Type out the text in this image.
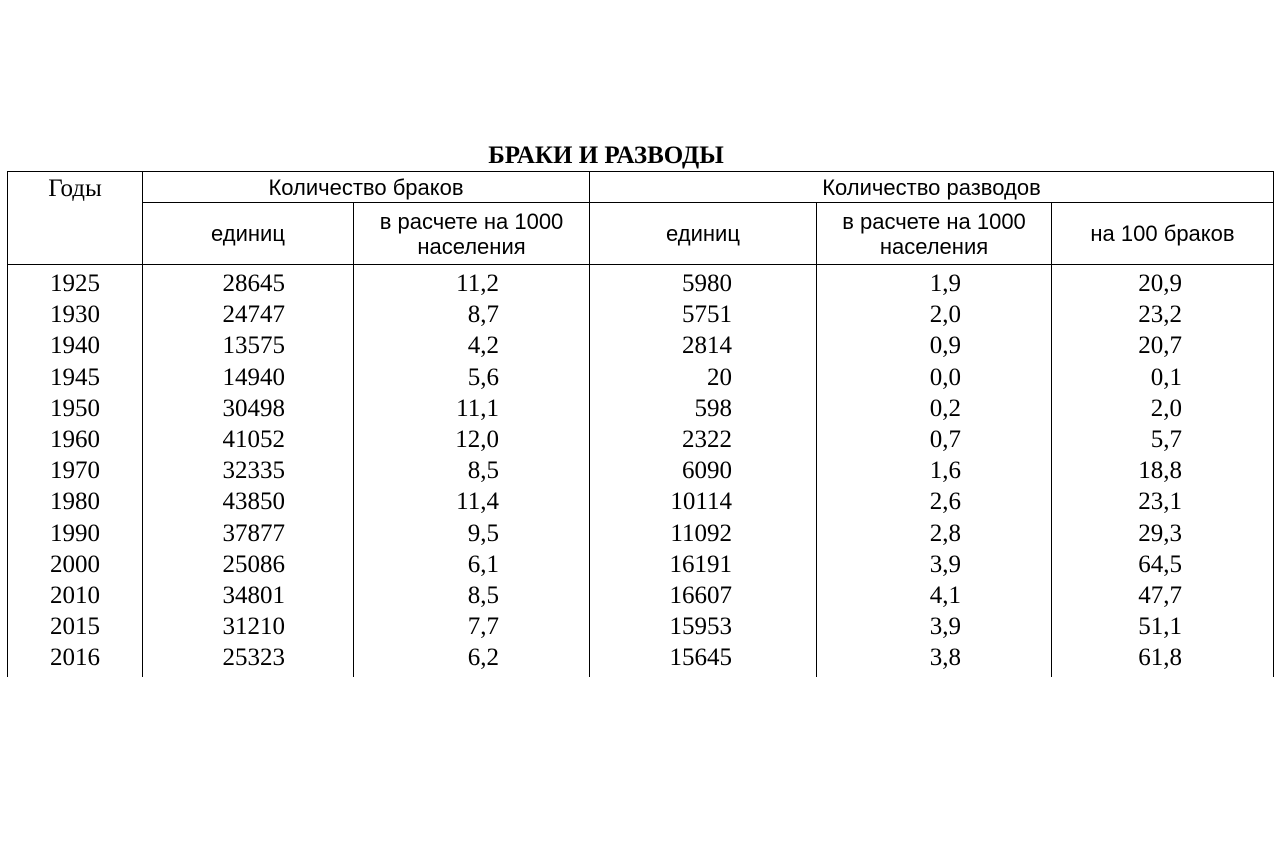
БРАКИ И РАЗВОДЫ
Годы	Количество браков		Количество разводов		
	единиц	в расчете на 1000 населения	единиц	в расчете на 1000 населения	на 100 браков
1925	28645	11,2	5980	1,9	20,9
1930	24747	8,7	5751	2,0	23,2
1940	13575	4,2	2814	0,9	20,7
1945	14940	5,6	20	0,0	0,1
1950	30498	11,1	598	0,2	2,0
1960	41052	12,0	2322	0,7	5,7
1970	32335	8,5	6090	1,6	18,8
1980	43850	11,4	10114	2,6	23,1
1990	37877	9,5	11092	2,8	29,3
2000	25086	6,1	16191	3,9	64,5
2010	34801	8,5	16607	4,1	47,7
2015	31210	7,7	15953	3,9	51,1
2016	25323	6,2	15645	3,8	61,8
